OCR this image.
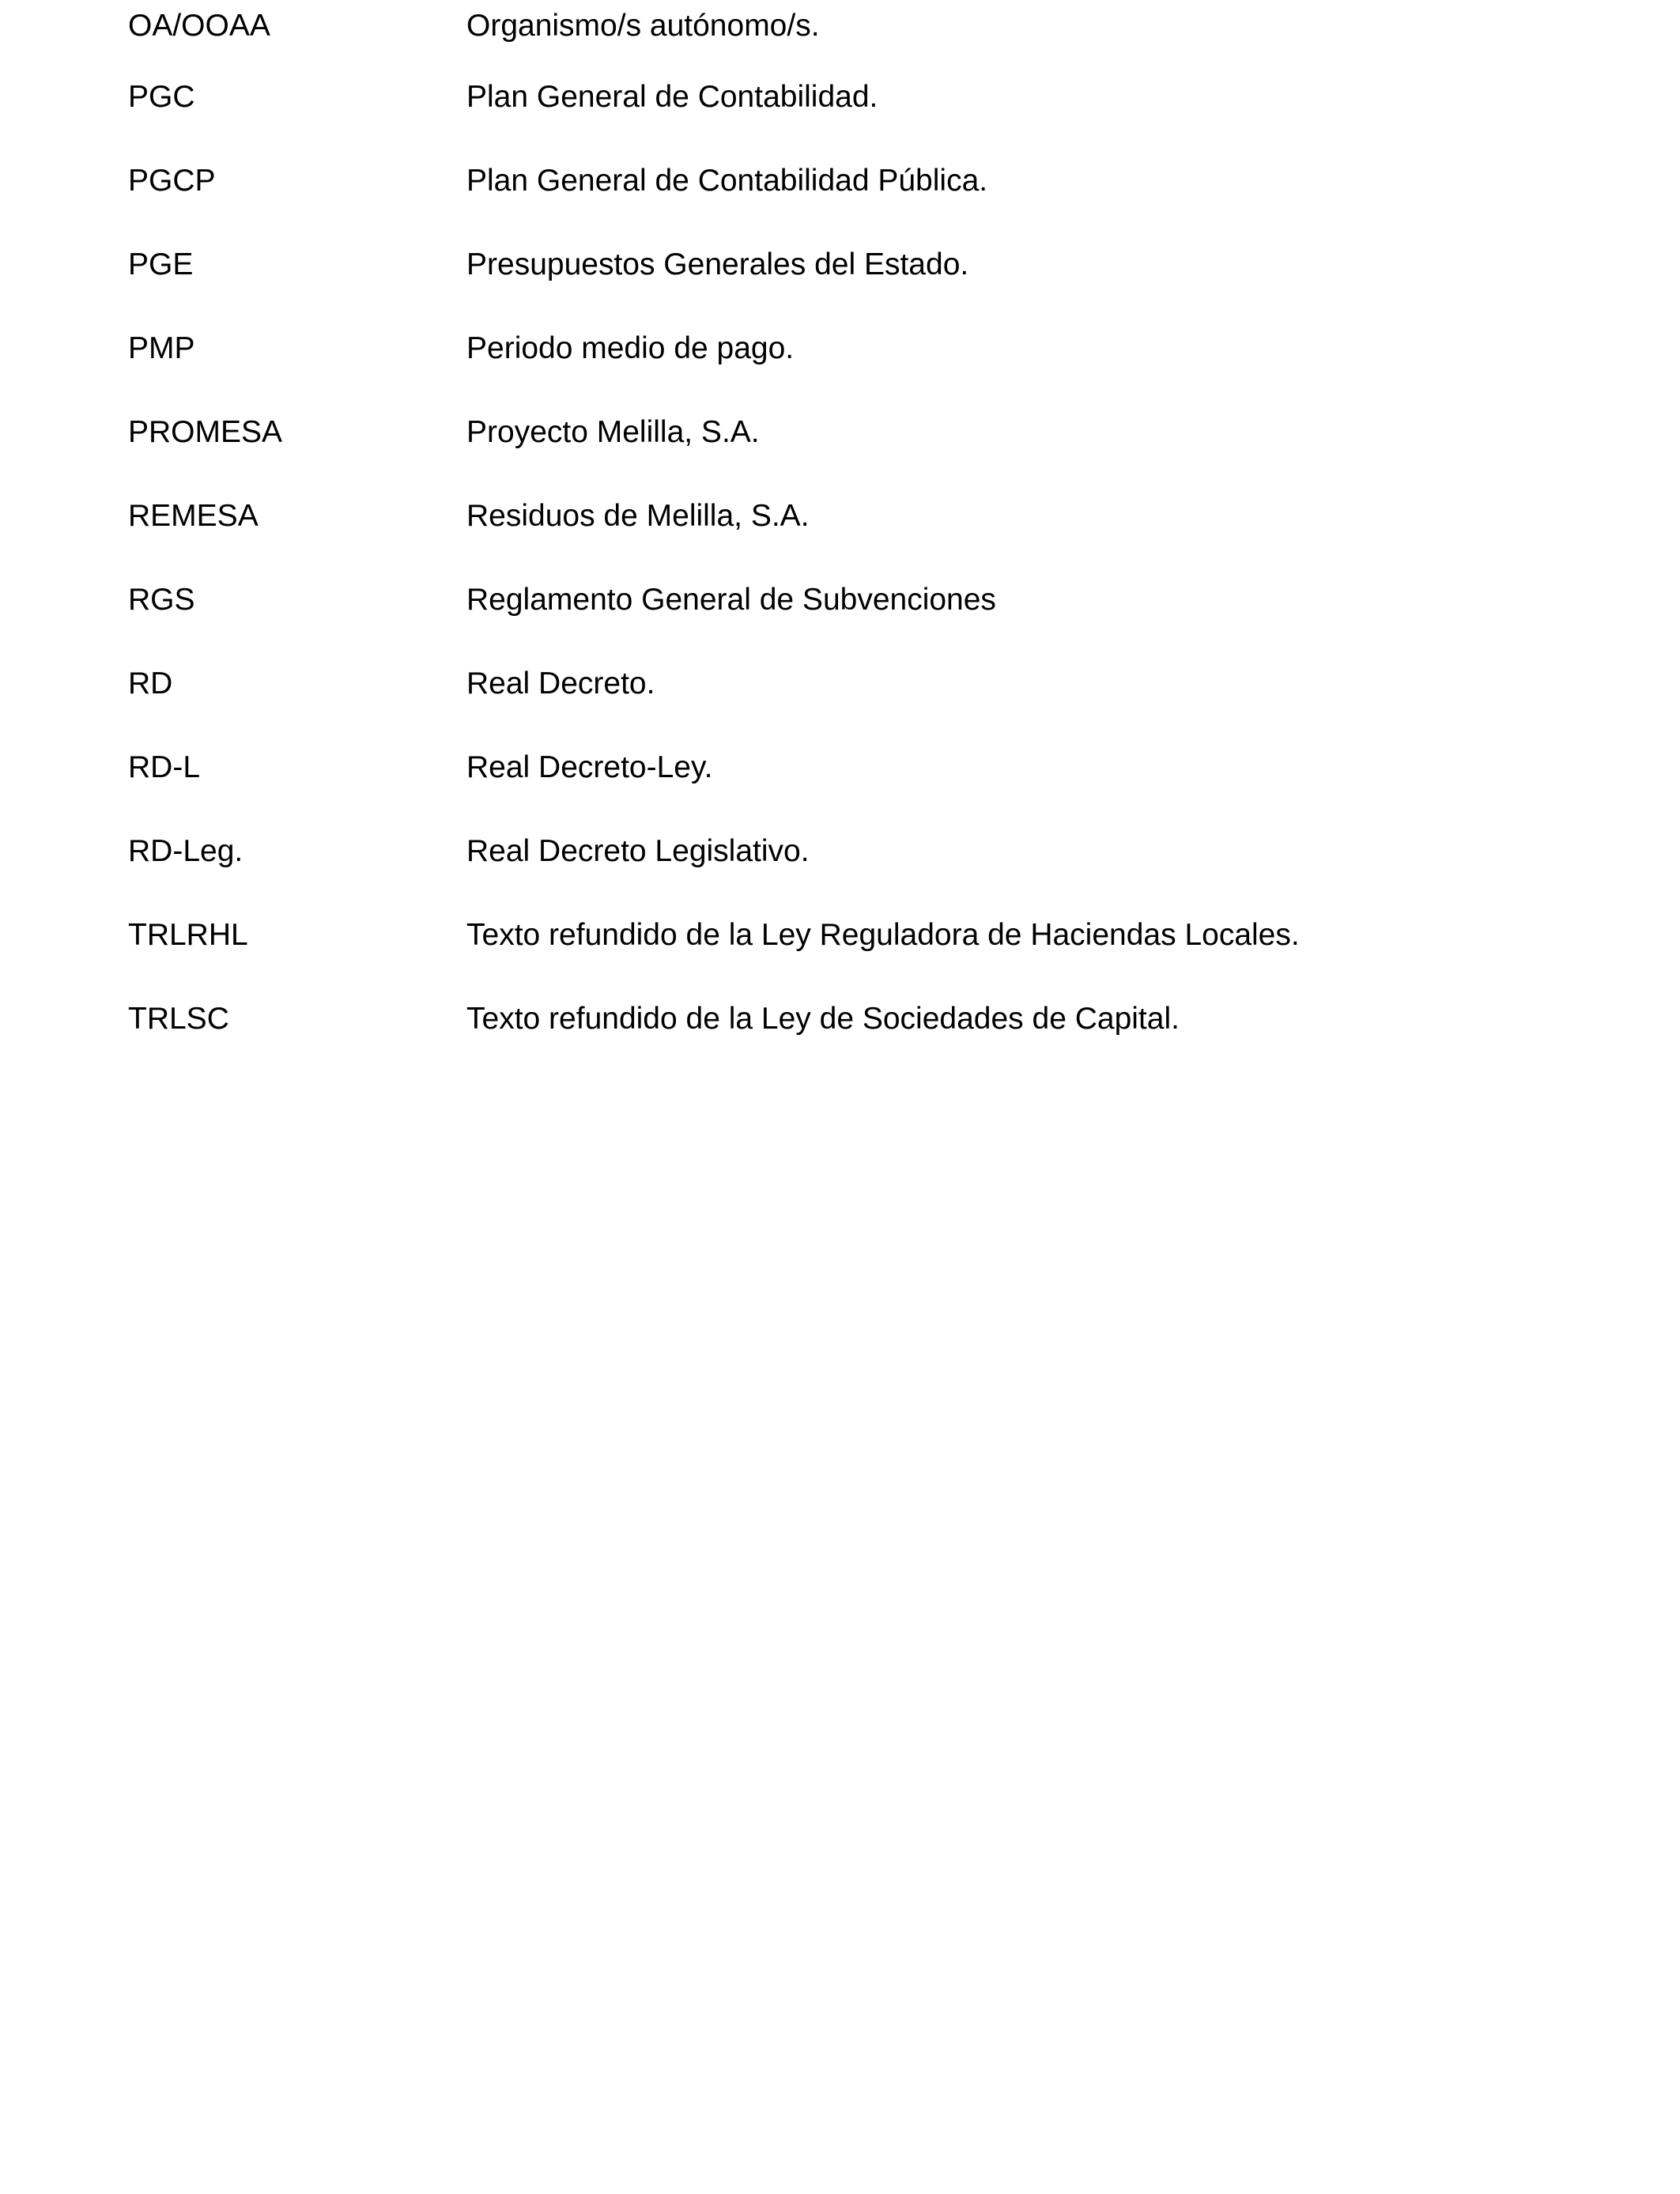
OA/OOAA	Organismo/s autónomo/s.
PGC	Plan General de Contabilidad.
PGCP	Plan General de Contabilidad Pública.
PGE	Presupuestos Generales del Estado.
PMP	Periodo medio de pago.
PROMESA	Proyecto Melilla, S.A.
REMESA	Residuos de Melilla, S.A.
RGS	Reglamento General de Subvenciones
RD	Real Decreto.
RD-L	Real Decreto-Ley.
RD-Leg.	Real Decreto Legislativo.
TRLRHL	Texto refundido de la Ley Reguladora de Haciendas Locales.
TRLSC	Texto refundido de la Ley de Sociedades de Capital.
